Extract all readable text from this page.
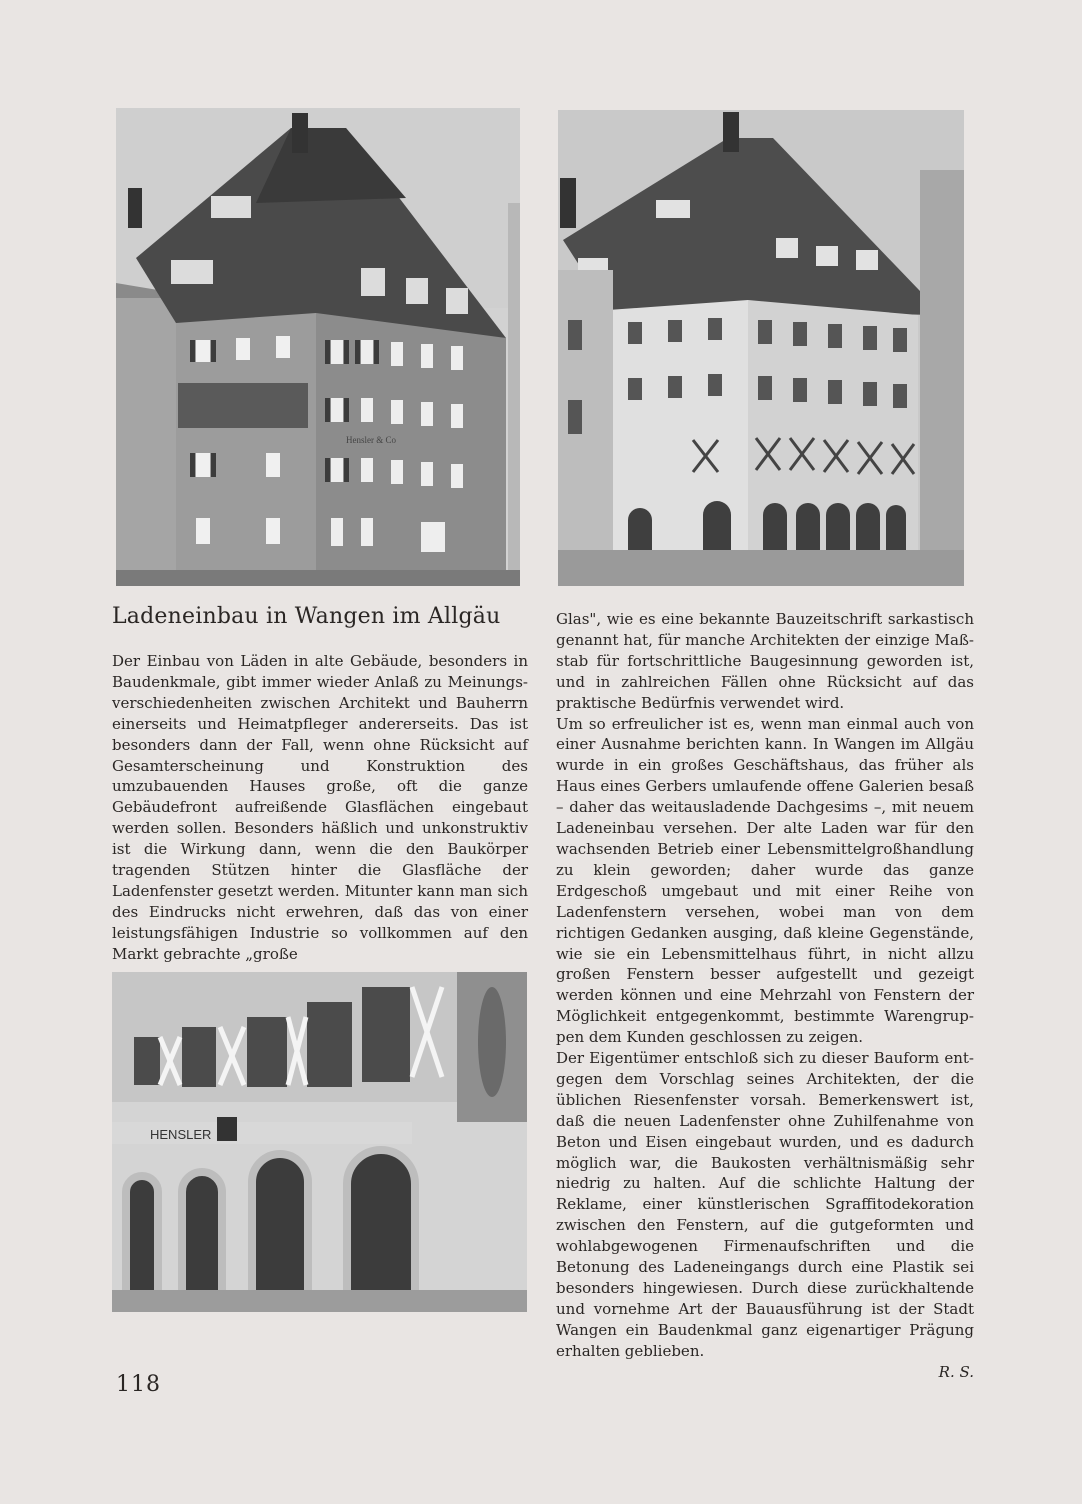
Hensler & Co
HENSLER
Ladeneinbau in Wangen im Allgäu

Der Einbau von Läden in alte Gebäude, besonders in Baudenkmale, gibt immer wieder Anlaß zu Meinungsverschiedenheiten zwischen Architekt und Bauherrn einerseits und Heimatpfleger andererseits. Das ist besonders dann der Fall, wenn ohne Rücksicht auf Gesamterscheinung und Konstruktion des umzubauenden Hauses große, oft die ganze Gebäudefront aufreißende Glasflächen eingebaut werden sollen. Besonders häßlich und unkonstruktiv ist die Wirkung dann, wenn die den Baukörper tragenden Stützen hinter die Glasfläche der Ladenfenster gesetzt werden. Mitunter kann man sich des Eindrucks nicht erwehren, daß das von einer leistungsfähigen Industrie so vollkommen auf den Markt gebrachte „große

Glas", wie es eine bekannte Bauzeitschrift sarkastisch genannt hat, für manche Architekten der einzige Maßstab für fortschrittliche Baugesinnung geworden ist, und in zahlreichen Fällen ohne Rücksicht auf das praktische Bedürfnis verwendet wird.

Um so erfreulicher ist es, wenn man einmal auch von einer Ausnahme berichten kann. In Wangen im Allgäu wurde in ein großes Geschäftshaus, das früher als Haus eines Gerbers umlaufende offene Galerien besaß – daher das weitausladende Dachgesims –, mit neuem Ladeneinbau versehen. Der alte Laden war für den wachsenden Betrieb einer Lebensmittelgroßhandlung zu klein geworden; daher wurde das ganze Erdgeschoß umgebaut und mit einer Reihe von Ladenfenstern versehen, wobei man von dem richtigen Gedanken ausging, daß kleine Gegenstände, wie sie ein Lebensmittelhaus führt, in nicht allzu großen Fenstern besser aufgestellt und gezeigt werden können und eine Mehrzahl von Fenstern der Möglichkeit entgegenkommt, bestimmte Warengruppen dem Kunden geschlossen zu zeigen.

Der Eigentümer entschloß sich zu dieser Bauform entgegen dem Vorschlag seines Architekten, der die üblichen Riesenfenster vorsah. Bemerkenswert ist, daß die neuen Ladenfenster ohne Zuhilfenahme von Beton und Eisen eingebaut wurden, und es dadurch möglich war, die Baukosten verhältnismäßig sehr niedrig zu halten. Auf die schlichte Haltung der Reklame, einer künstlerischen Sgraffitodekoration zwischen den Fenstern, auf die gutgeformten und wohlabgewogenen Firmenaufschriften und die Betonung des Ladeneingangs durch eine Plastik sei besonders hingewiesen. Durch diese zurückhaltende und vornehme Art der Bauausführung ist der Stadt Wangen ein Baudenkmal ganz eigenartiger Prägung erhalten geblieben.

R. S.
118
